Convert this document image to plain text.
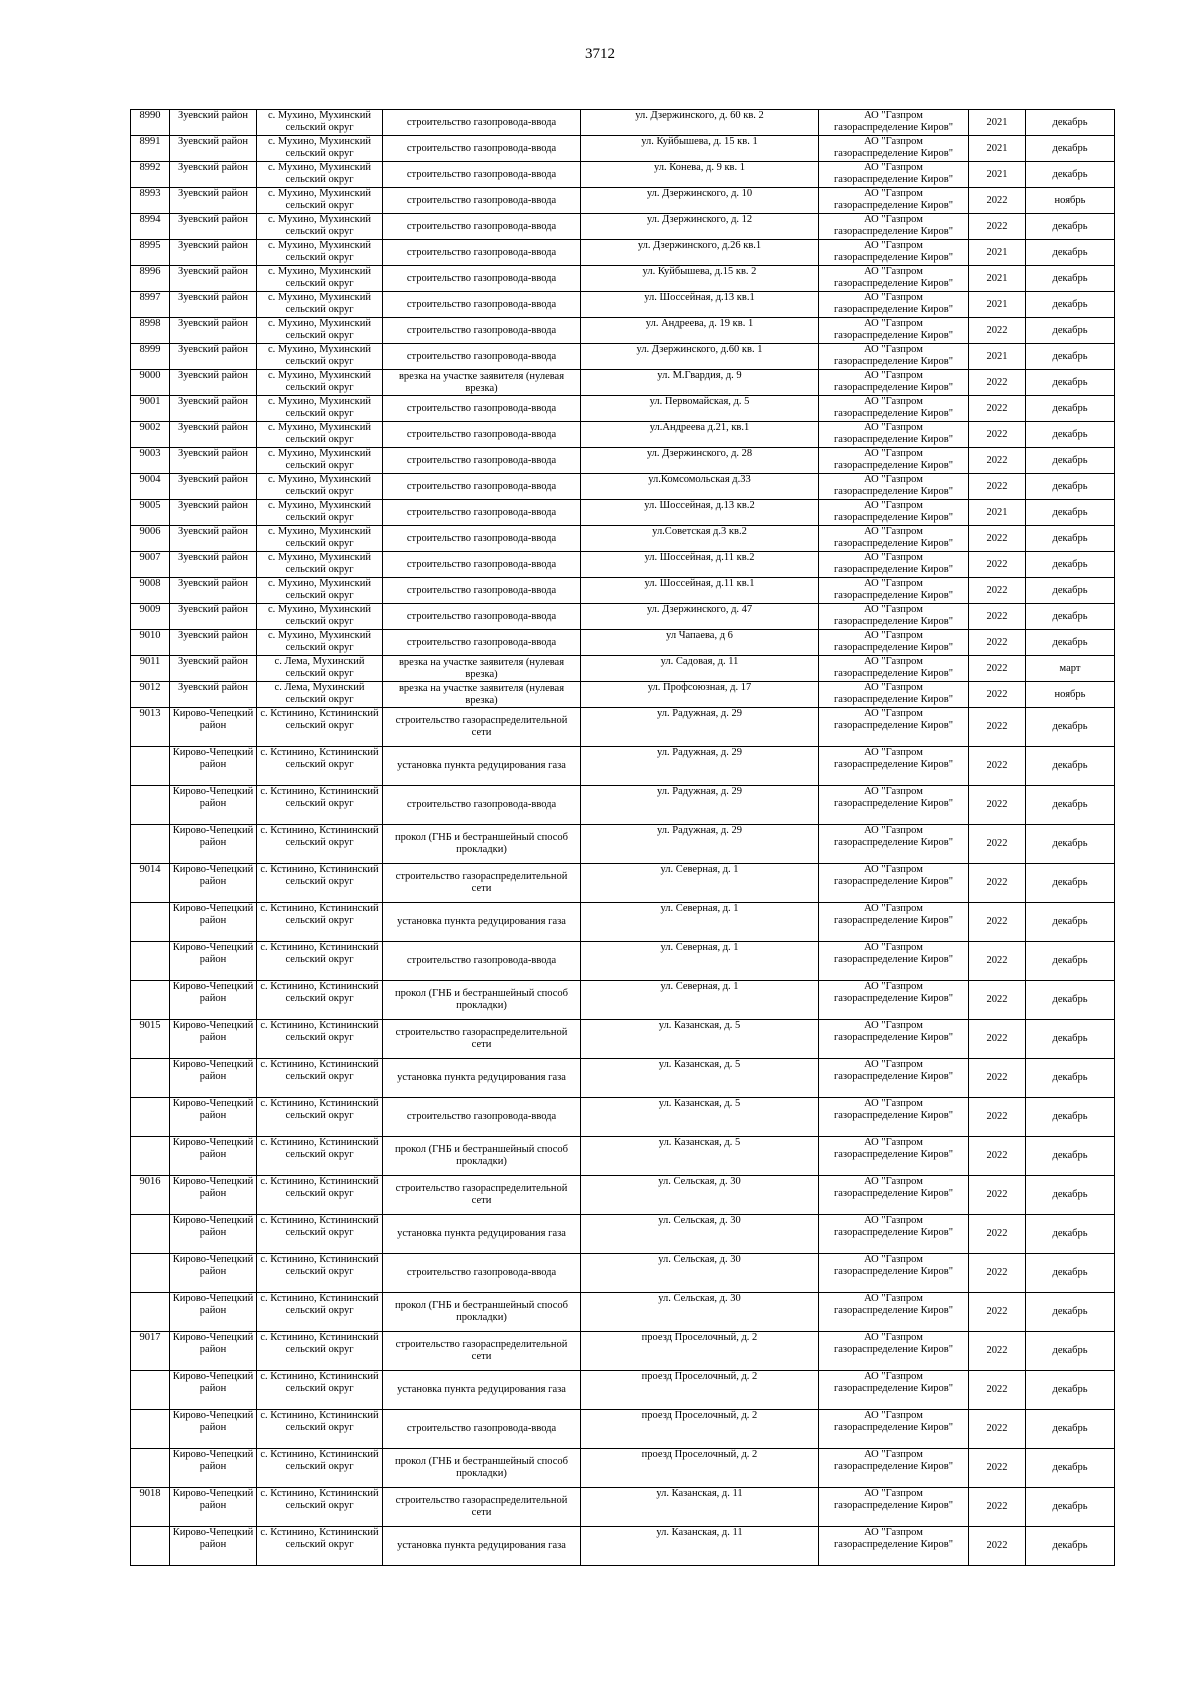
3712
8990	Зуевский район	с. Мухино, Мухинский сельский округ	строительство газопровода-ввода	ул. Дзержинского, д. 60 кв. 2	АО "Газпром газораспределение Киров"	2021	декабрь
8991	Зуевский район	с. Мухино, Мухинский сельский округ	строительство газопровода-ввода	ул. Куйбышева, д. 15 кв. 1	АО "Газпром газораспределение Киров"	2021	декабрь
8992	Зуевский район	с. Мухино, Мухинский сельский округ	строительство газопровода-ввода	ул. Конева, д. 9 кв. 1	АО "Газпром газораспределение Киров"	2021	декабрь
8993	Зуевский район	с. Мухино, Мухинский сельский округ	строительство газопровода-ввода	ул. Дзержинского, д. 10	АО "Газпром газораспределение Киров"	2022	ноябрь
8994	Зуевский район	с. Мухино, Мухинский сельский округ	строительство газопровода-ввода	ул. Дзержинского, д. 12	АО "Газпром газораспределение Киров"	2022	декабрь
8995	Зуевский район	с. Мухино, Мухинский сельский округ	строительство газопровода-ввода	ул. Дзержинского, д.26 кв.1	АО "Газпром газораспределение Киров"	2021	декабрь
8996	Зуевский район	с. Мухино, Мухинский сельский округ	строительство газопровода-ввода	ул. Куйбышева, д.15 кв. 2	АО "Газпром газораспределение Киров"	2021	декабрь
8997	Зуевский район	с. Мухино, Мухинский сельский округ	строительство газопровода-ввода	ул. Шоссейная, д.13 кв.1	АО "Газпром газораспределение Киров"	2021	декабрь
8998	Зуевский район	с. Мухино, Мухинский сельский округ	строительство газопровода-ввода	ул. Андреева, д. 19 кв. 1	АО "Газпром газораспределение Киров"	2022	декабрь
8999	Зуевский район	с. Мухино, Мухинский сельский округ	строительство газопровода-ввода	ул. Дзержинского, д.60 кв. 1	АО "Газпром газораспределение Киров"	2021	декабрь
9000	Зуевский район	с. Мухино, Мухинский сельский округ	врезка на участке заявителя (нулевая врезка)	ул. М.Гвардия, д. 9	АО "Газпром газораспределение Киров"	2022	декабрь
9001	Зуевский район	с. Мухино, Мухинский сельский округ	строительство газопровода-ввода	ул. Первомайская, д. 5	АО "Газпром газораспределение Киров"	2022	декабрь
9002	Зуевский район	с. Мухино, Мухинский сельский округ	строительство газопровода-ввода	ул.Андреева д.21, кв.1	АО "Газпром газораспределение Киров"	2022	декабрь
9003	Зуевский район	с. Мухино, Мухинский сельский округ	строительство газопровода-ввода	ул. Дзержинского, д. 28	АО "Газпром газораспределение Киров"	2022	декабрь
9004	Зуевский район	с. Мухино, Мухинский сельский округ	строительство газопровода-ввода	ул.Комсомольская д.33	АО "Газпром газораспределение Киров"	2022	декабрь
9005	Зуевский район	с. Мухино, Мухинский сельский округ	строительство газопровода-ввода	ул. Шоссейная, д.13 кв.2	АО "Газпром газораспределение Киров"	2021	декабрь
9006	Зуевский район	с. Мухино, Мухинский сельский округ	строительство газопровода-ввода	ул.Советская д.3 кв.2	АО "Газпром газораспределение Киров"	2022	декабрь
9007	Зуевский район	с. Мухино, Мухинский сельский округ	строительство газопровода-ввода	ул. Шоссейная, д.11 кв.2	АО "Газпром газораспределение Киров"	2022	декабрь
9008	Зуевский район	с. Мухино, Мухинский сельский округ	строительство газопровода-ввода	ул. Шоссейная, д.11 кв.1	АО "Газпром газораспределение Киров"	2022	декабрь
9009	Зуевский район	с. Мухино, Мухинский сельский округ	строительство газопровода-ввода	ул. Дзержинского, д. 47	АО "Газпром газораспределение Киров"	2022	декабрь
9010	Зуевский район	с. Мухино, Мухинский сельский округ	строительство газопровода-ввода	ул Чапаева, д 6	АО "Газпром газораспределение Киров"	2022	декабрь
9011	Зуевский район	с. Лема, Мухинский сельский округ	врезка на участке заявителя (нулевая врезка)	ул. Садовая, д. 11	АО "Газпром газораспределение Киров"	2022	март
9012	Зуевский район	с. Лема, Мухинский сельский округ	врезка на участке заявителя (нулевая врезка)	ул. Профсоюзная, д. 17	АО "Газпром газораспределение Киров"	2022	ноябрь
9013	Кирово-Чепецкий район	с. Кстинино, Кстининский сельский округ	строительство газораспределительной сети	ул. Радужная, д. 29	АО "Газпром газораспределение Киров"	2022	декабрь
	Кирово-Чепецкий район	с. Кстинино, Кстининский сельский округ	установка пункта редуцирования газа	ул. Радужная, д. 29	АО "Газпром газораспределение Киров"	2022	декабрь
	Кирово-Чепецкий район	с. Кстинино, Кстининский сельский округ	строительство газопровода-ввода	ул. Радужная, д. 29	АО "Газпром газораспределение Киров"	2022	декабрь
	Кирово-Чепецкий район	с. Кстинино, Кстининский сельский округ	прокол (ГНБ и бестраншейный способ прокладки)	ул. Радужная, д. 29	АО "Газпром газораспределение Киров"	2022	декабрь
9014	Кирово-Чепецкий район	с. Кстинино, Кстининский сельский округ	строительство газораспределительной сети	ул. Северная, д. 1	АО "Газпром газораспределение Киров"	2022	декабрь
	Кирово-Чепецкий район	с. Кстинино, Кстининский сельский округ	установка пункта редуцирования газа	ул. Северная, д. 1	АО "Газпром газораспределение Киров"	2022	декабрь
	Кирово-Чепецкий район	с. Кстинино, Кстининский сельский округ	строительство газопровода-ввода	ул. Северная, д. 1	АО "Газпром газораспределение Киров"	2022	декабрь
	Кирово-Чепецкий район	с. Кстинино, Кстининский сельский округ	прокол (ГНБ и бестраншейный способ прокладки)	ул. Северная, д. 1	АО "Газпром газораспределение Киров"	2022	декабрь
9015	Кирово-Чепецкий район	с. Кстинино, Кстининский сельский округ	строительство газораспределительной сети	ул. Казанская, д. 5	АО "Газпром газораспределение Киров"	2022	декабрь
	Кирово-Чепецкий район	с. Кстинино, Кстининский сельский округ	установка пункта редуцирования газа	ул. Казанская, д. 5	АО "Газпром газораспределение Киров"	2022	декабрь
	Кирово-Чепецкий район	с. Кстинино, Кстининский сельский округ	строительство газопровода-ввода	ул. Казанская, д. 5	АО "Газпром газораспределение Киров"	2022	декабрь
	Кирово-Чепецкий район	с. Кстинино, Кстининский сельский округ	прокол (ГНБ и бестраншейный способ прокладки)	ул. Казанская, д. 5	АО "Газпром газораспределение Киров"	2022	декабрь
9016	Кирово-Чепецкий район	с. Кстинино, Кстининский сельский округ	строительство газораспределительной сети	ул. Сельская, д. 30	АО "Газпром газораспределение Киров"	2022	декабрь
	Кирово-Чепецкий район	с. Кстинино, Кстининский сельский округ	установка пункта редуцирования газа	ул. Сельская, д. 30	АО "Газпром газораспределение Киров"	2022	декабрь
	Кирово-Чепецкий район	с. Кстинино, Кстининский сельский округ	строительство газопровода-ввода	ул. Сельская, д. 30	АО "Газпром газораспределение Киров"	2022	декабрь
	Кирово-Чепецкий район	с. Кстинино, Кстининский сельский округ	прокол (ГНБ и бестраншейный способ прокладки)	ул. Сельская, д. 30	АО "Газпром газораспределение Киров"	2022	декабрь
9017	Кирово-Чепецкий район	с. Кстинино, Кстининский сельский округ	строительство газораспределительной сети	проезд Проселочный, д. 2	АО "Газпром газораспределение Киров"	2022	декабрь
	Кирово-Чепецкий район	с. Кстинино, Кстининский сельский округ	установка пункта редуцирования газа	проезд Проселочный, д. 2	АО "Газпром газораспределение Киров"	2022	декабрь
	Кирово-Чепецкий район	с. Кстинино, Кстининский сельский округ	строительство газопровода-ввода	проезд Проселочный, д. 2	АО "Газпром газораспределение Киров"	2022	декабрь
	Кирово-Чепецкий район	с. Кстинино, Кстининский сельский округ	прокол (ГНБ и бестраншейный способ прокладки)	проезд Проселочный, д. 2	АО "Газпром газораспределение Киров"	2022	декабрь
9018	Кирово-Чепецкий район	с. Кстинино, Кстининский сельский округ	строительство газораспределительной сети	ул. Казанская, д. 11	АО "Газпром газораспределение Киров"	2022	декабрь
	Кирово-Чепецкий район	с. Кстинино, Кстининский сельский округ	установка пункта редуцирования газа	ул. Казанская, д. 11	АО "Газпром газораспределение Киров"	2022	декабрь
